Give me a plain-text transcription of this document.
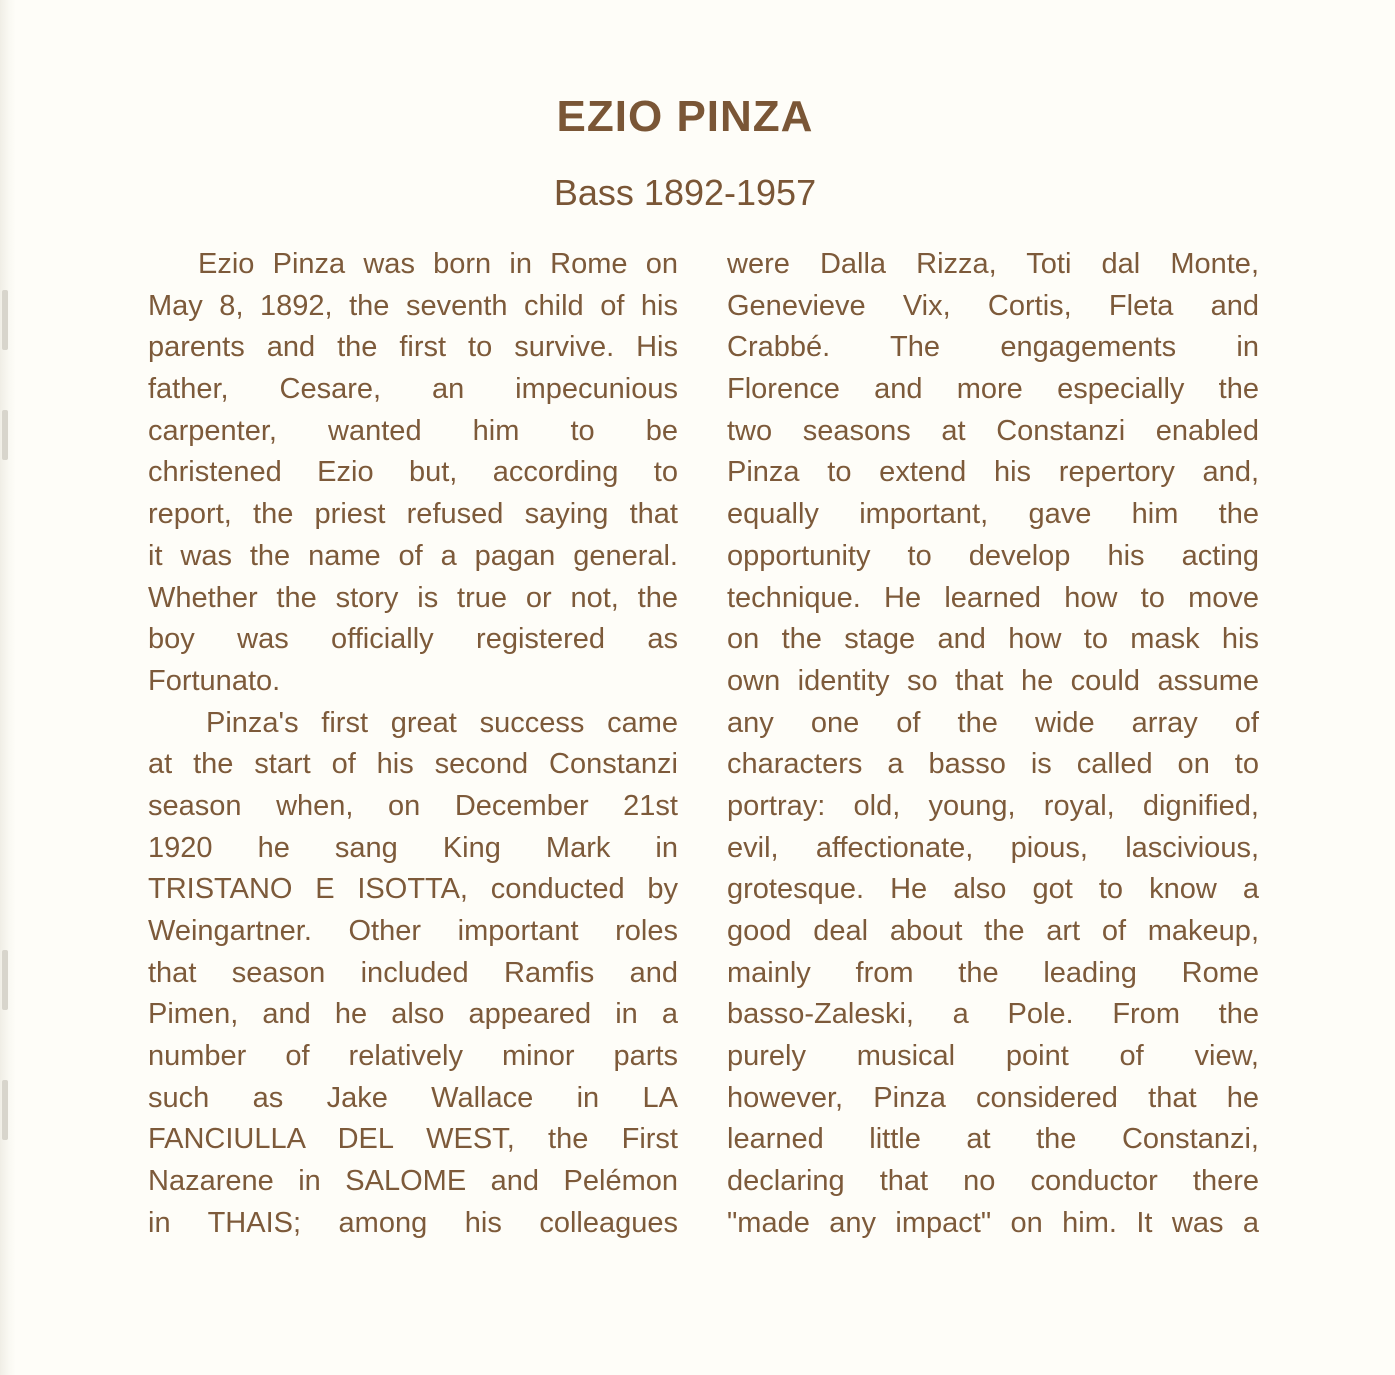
EZIO PINZA
Bass 1892-1957
Ezio Pinza was born in Rome on
May 8, 1892, the seventh child of his
parents and the first to survive. His
father, Cesare, an impecunious
carpenter, wanted him to be
christened Ezio but, according to
report, the priest refused saying that
it was the name of a pagan general.
Whether the story is true or not, the
boy was officially registered as
Fortunato.
Pinza's first great success came
at the start of his second Constanzi
season when, on December 21st
1920 he sang King Mark in
TRISTANO E ISOTTA, conducted by
Weingartner. Other important roles
that season included Ramfis and
Pimen, and he also appeared in a
number of relatively minor parts
such as Jake Wallace in LA
FANCIULLA DEL WEST, the First
Nazarene in SALOME and Pelémon
in THAIS; among his colleagues
were Dalla Rizza, Toti dal Monte,
Genevieve Vix, Cortis, Fleta and
Crabbé. The engagements in
Florence and more especially the
two seasons at Constanzi enabled
Pinza to extend his repertory and,
equally important, gave him the
opportunity to develop his acting
technique. He learned how to move
on the stage and how to mask his
own identity so that he could assume
any one of the wide array of
characters a basso is called on to
portray: old, young, royal, dignified,
evil, affectionate, pious, lascivious,
grotesque. He also got to know a
good deal about the art of makeup,
mainly from the leading Rome
basso-Zaleski, a Pole. From the
purely musical point of view,
however, Pinza considered that he
learned little at the Constanzi,
declaring that no conductor there
"made any impact" on him. It was a
